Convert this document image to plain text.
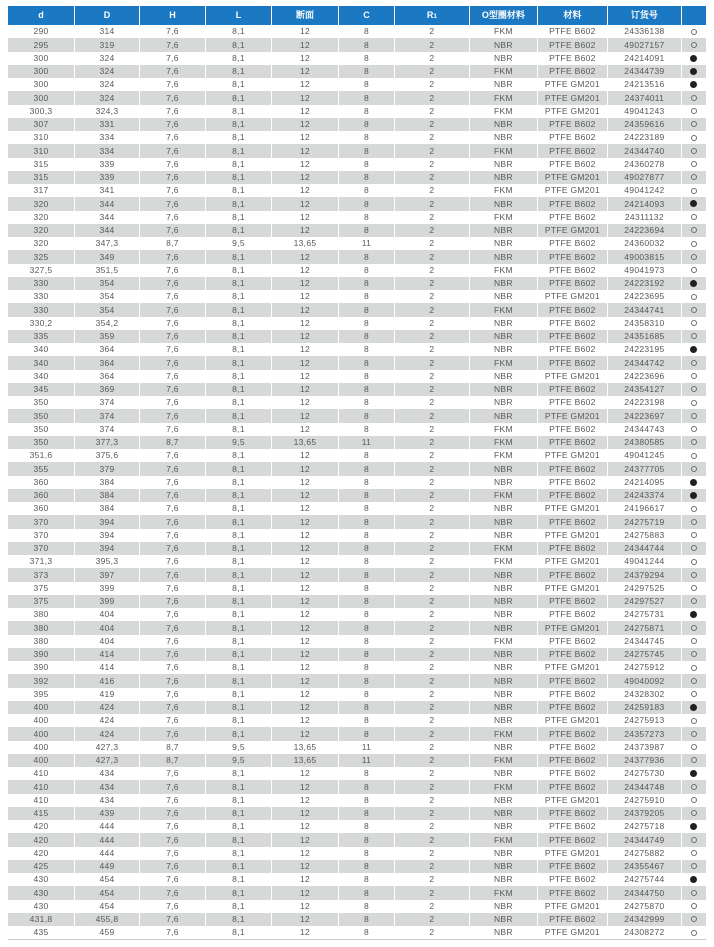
d	D	H	L	断面	C	R 1	O型圈材料	材料	订货号
290	314	7,6	8,1	12	8	2	FKM	PTFE B602	24336138
295	319	7,6	8,1	12	8	2	NBR	PTFE B602	49027157
300	324	7,6	8,1	12	8	2	NBR	PTFE B602	24214091
300	324	7,6	8,1	12	8	2	FKM	PTFE B602	24344739
300	324	7,6	8,1	12	8	2	NBR	PTFE GM201	24213516
300	324	7,6	8,1	12	8	2	FKM	PTFE GM201	24374011
300,3	324,3	7,6	8,1	12	8	2	FKM	PTFE GM201	49041243
307	331	7,6	8,1	12	8	2	NBR	PTFE B602	24359616
310	334	7,6	8,1	12	8	2	NBR	PTFE B602	24223189
310	334	7,6	8,1	12	8	2	FKM	PTFE B602	24344740
315	339	7,6	8,1	12	8	2	NBR	PTFE B602	24360278
315	339	7,6	8,1	12	8	2	NBR	PTFE GM201	49027877
317	341	7,6	8,1	12	8	2	FKM	PTFE GM201	49041242
320	344	7,6	8,1	12	8	2	NBR	PTFE B602	24214093
320	344	7,6	8,1	12	8	2	FKM	PTFE B602	24311132
320	344	7,6	8,1	12	8	2	NBR	PTFE GM201	24223694
320	347,3	8,7	9,5	13,65	11	2	NBR	PTFE B602	24360032
325	349	7,6	8,1	12	8	2	NBR	PTFE B602	49003815
327,5	351,5	7,6	8,1	12	8	2	FKM	PTFE B602	49041973
330	354	7,6	8,1	12	8	2	NBR	PTFE B602	24223192
330	354	7,6	8,1	12	8	2	NBR	PTFE GM201	24223695
330	354	7,6	8,1	12	8	2	FKM	PTFE B602	24344741
330,2	354,2	7,6	8,1	12	8	2	NBR	PTFE B602	24358310
335	359	7,6	8,1	12	8	2	NBR	PTFE B602	24351685
340	364	7,6	8,1	12	8	2	NBR	PTFE B602	24223195
340	364	7,6	8,1	12	8	2	FKM	PTFE B602	24344742
340	364	7,6	8,1	12	8	2	NBR	PTFE GM201	24223696
345	369	7,6	8,1	12	8	2	NBR	PTFE B602	24354127
350	374	7,6	8,1	12	8	2	NBR	PTFE B602	24223198
350	374	7,6	8,1	12	8	2	NBR	PTFE GM201	24223697
350	374	7,6	8,1	12	8	2	FKM	PTFE B602	24344743
350	377,3	8,7	9,5	13,65	11	2	FKM	PTFE B602	24380585
351,6	375,6	7,6	8,1	12	8	2	FKM	PTFE GM201	49041245
355	379	7,6	8,1	12	8	2	NBR	PTFE B602	24377705
360	384	7,6	8,1	12	8	2	NBR	PTFE B602	24214095
360	384	7,6	8,1	12	8	2	FKM	PTFE B602	24243374
360	384	7,6	8,1	12	8	2	NBR	PTFE GM201	24196617
370	394	7,6	8,1	12	8	2	NBR	PTFE B602	24275719
370	394	7,6	8,1	12	8	2	NBR	PTFE GM201	24275883
370	394	7,6	8,1	12	8	2	FKM	PTFE B602	24344744
371,3	395,3	7,6	8,1	12	8	2	FKM	PTFE GM201	49041244
373	397	7,6	8,1	12	8	2	NBR	PTFE B602	24379294
375	399	7,6	8,1	12	8	2	NBR	PTFE GM201	24297525
375	399	7,6	8,1	12	8	2	NBR	PTFE B602	24297527
380	404	7,6	8,1	12	8	2	NBR	PTFE B602	24275731
380	404	7,6	8,1	12	8	2	NBR	PTFE GM201	24275871
380	404	7,6	8,1	12	8	2	FKM	PTFE B602	24344745
390	414	7,6	8,1	12	8	2	NBR	PTFE B602	24275745
390	414	7,6	8,1	12	8	2	NBR	PTFE GM201	24275912
392	416	7,6	8,1	12	8	2	NBR	PTFE B602	49040092
395	419	7,6	8,1	12	8	2	NBR	PTFE B602	24328302
400	424	7,6	8,1	12	8	2	NBR	PTFE B602	24259183
400	424	7,6	8,1	12	8	2	NBR	PTFE GM201	24275913
400	424	7,6	8,1	12	8	2	FKM	PTFE B602	24357273
400	427,3	8,7	9,5	13,65	11	2	NBR	PTFE B602	24373987
400	427,3	8,7	9,5	13,65	11	2	FKM	PTFE B602	24377936
410	434	7,6	8,1	12	8	2	NBR	PTFE B602	24275730
410	434	7,6	8,1	12	8	2	FKM	PTFE B602	24344748
410	434	7,6	8,1	12	8	2	NBR	PTFE GM201	24275910
415	439	7,6	8,1	12	8	2	NBR	PTFE B602	24379205
420	444	7,6	8,1	12	8	2	NBR	PTFE B602	24275718
420	444	7,6	8,1	12	8	2	FKM	PTFE B602	24344749
420	444	7,6	8,1	12	8	2	NBR	PTFE GM201	24275882
425	449	7,6	8,1	12	8	2	NBR	PTFE B602	24355467
430	454	7,6	8,1	12	8	2	NBR	PTFE B602	24275744
430	454	7,6	8,1	12	8	2	FKM	PTFE B602	24344750
430	454	7,6	8,1	12	8	2	NBR	PTFE GM201	24275870
431,8	455,8	7,6	8,1	12	8	2	NBR	PTFE B602	24342999
435	459	7,6	8,1	12	8	2	NBR	PTFE GM201	24308272
